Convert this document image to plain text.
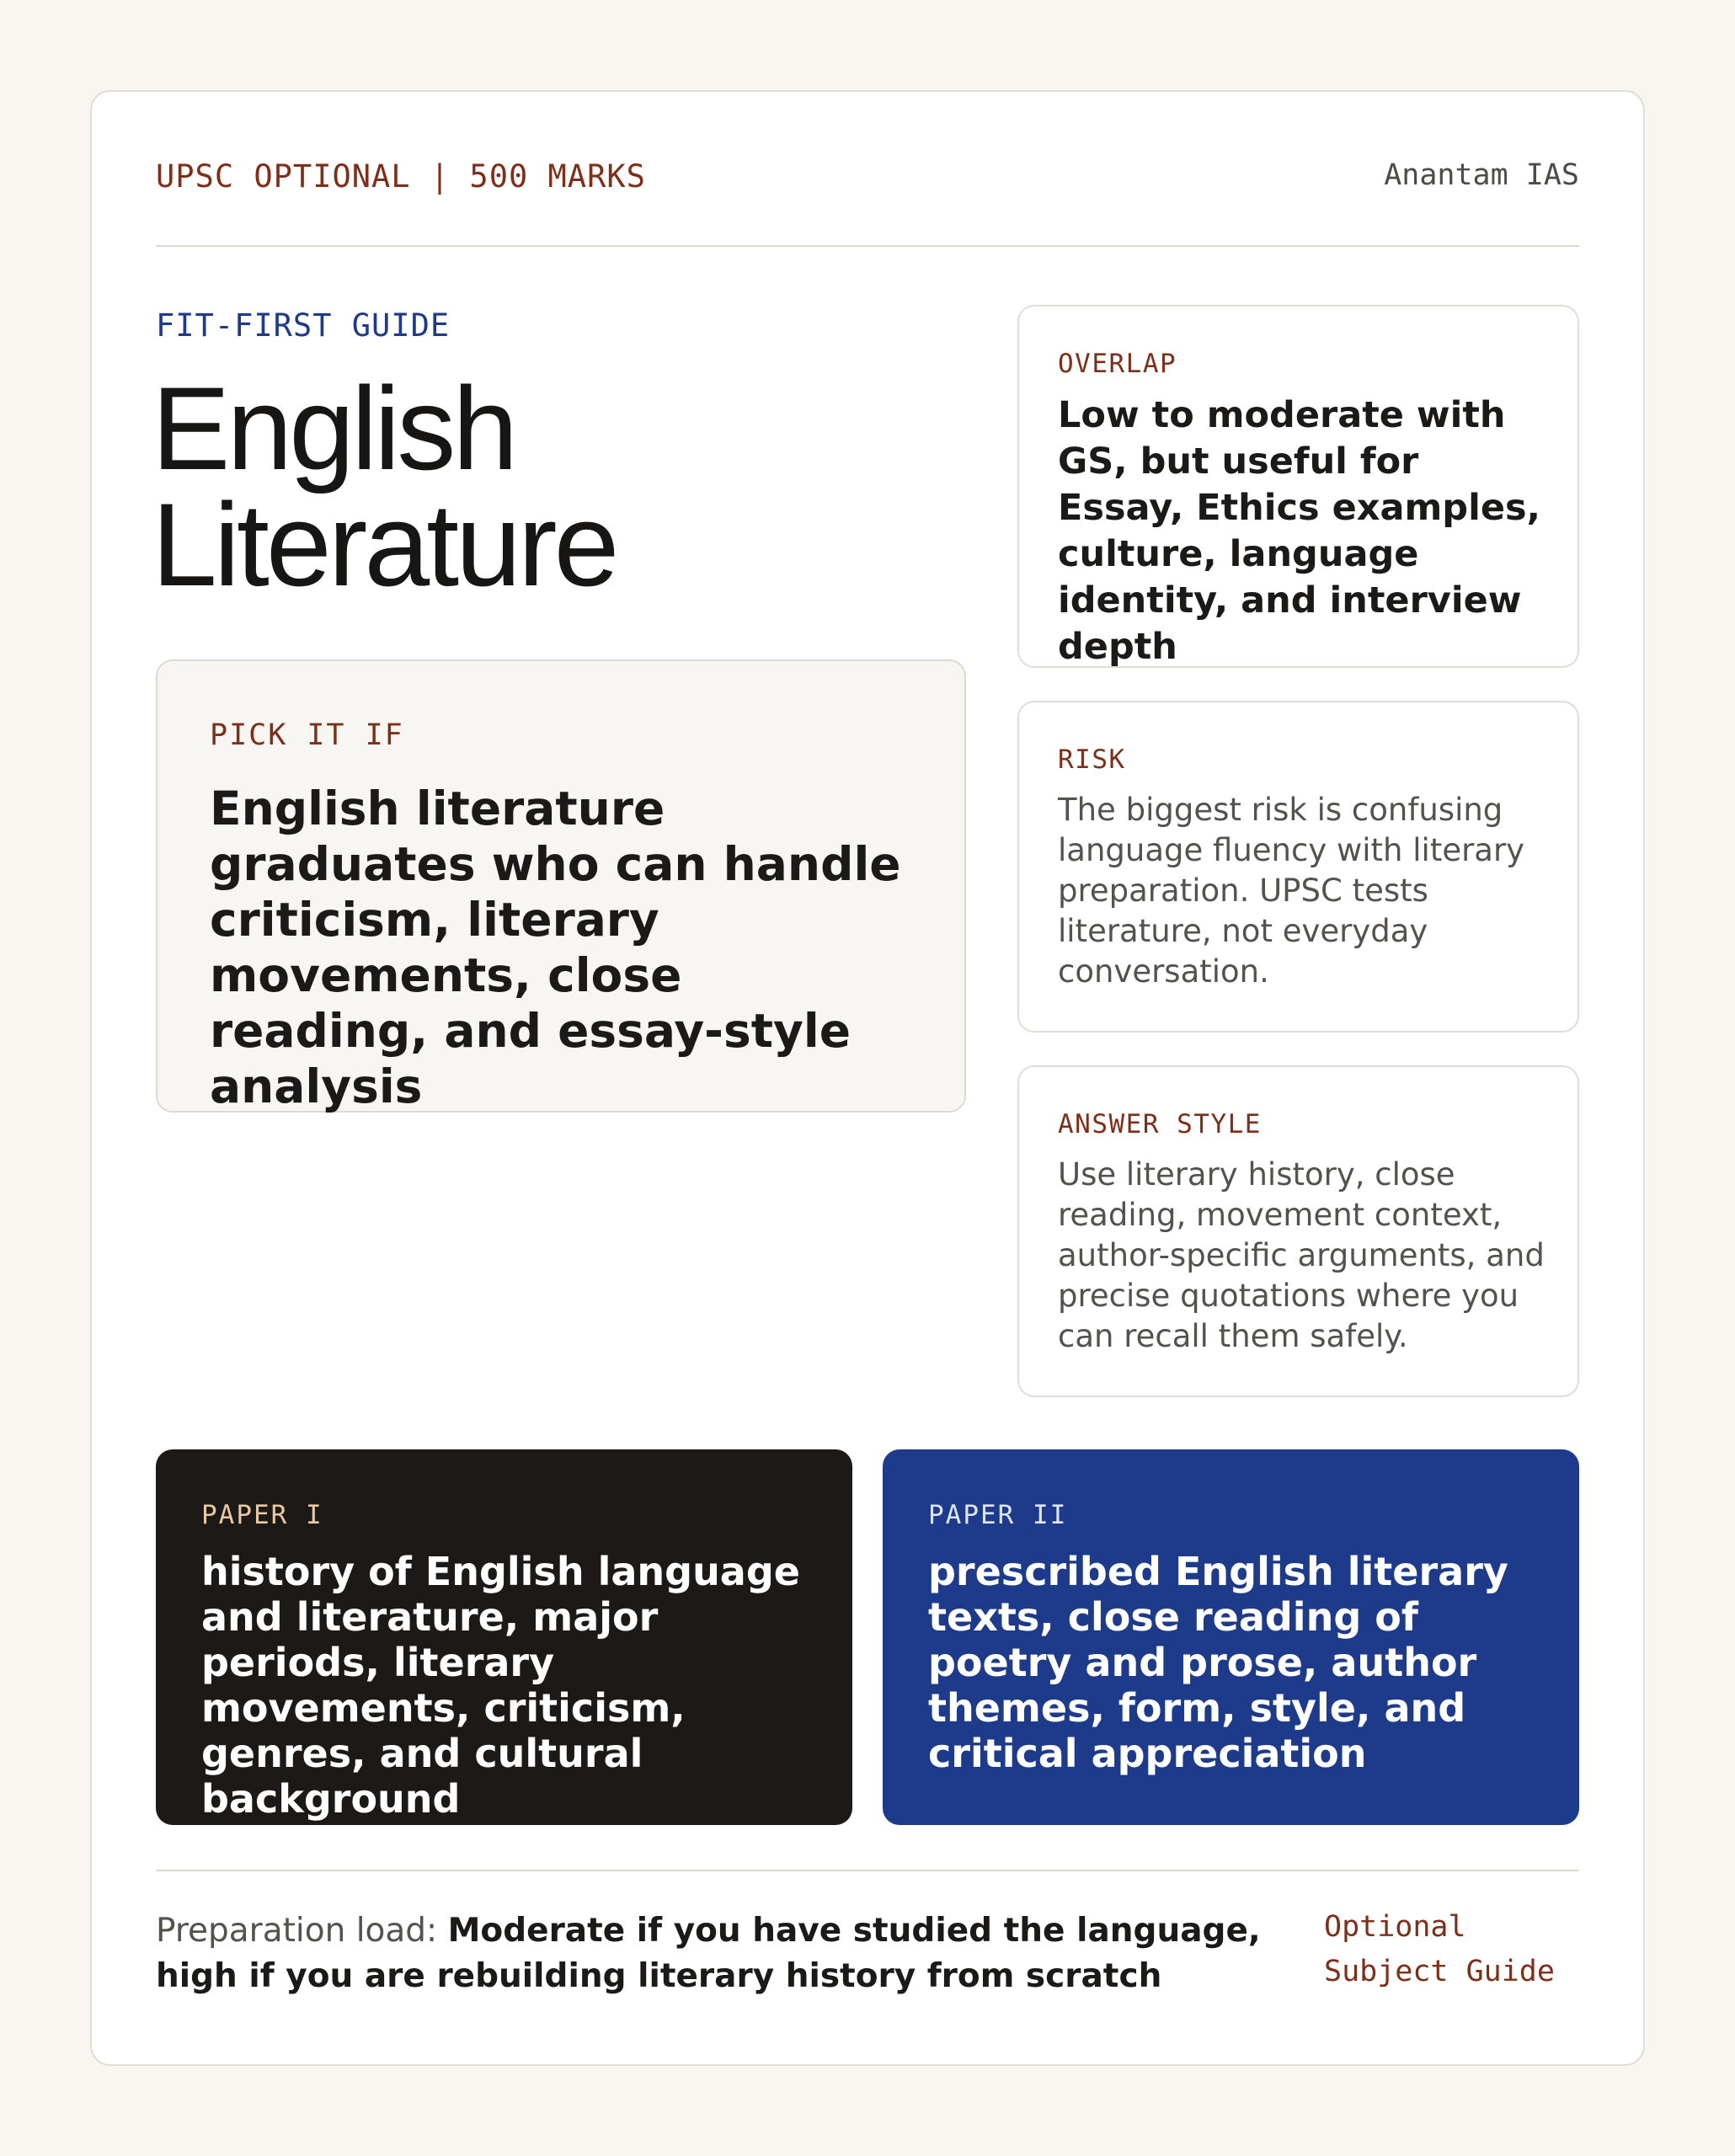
UPSC OPTIONAL | 500 MARKS	Anantam IAS
FIT-FIRST GUIDE
English
Literature
PICK IT IF
English literature graduates who can handle criticism, literary movements, close reading, and essay-style analysis
OVERLAP
Low to moderate with GS, but useful for Essay, Ethics examples, culture, language identity, and interview depth
RISK
The biggest risk is confusing language fluency with literary preparation. UPSC tests literature, not everyday conversation.
ANSWER STYLE
Use literary history, close reading, movement context, author-specific arguments, and precise quotations where you can recall them safely.
PAPER I
history of English language and literature, major periods, literary movements, criticism, genres, and cultural background
PAPER II
prescribed English literary texts, close reading of poetry and prose, author themes, form, style, and critical appreciation
Preparation load: Moderate if you have studied the language, high if you are rebuilding literary history from scratch
Optional
Subject Guide
